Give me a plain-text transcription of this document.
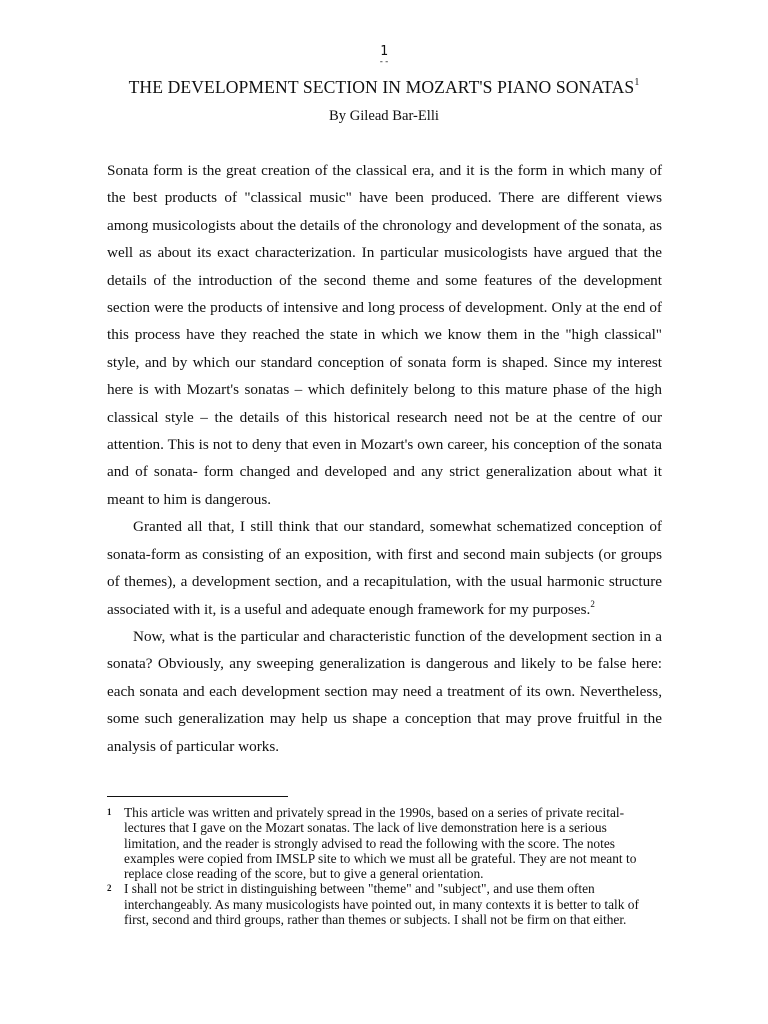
1
--
THE DEVELOPMENT SECTION IN MOZART'S PIANO SONATAS$^1$
By Gilead Bar-Elli

Sonata form is the great creation of the classical era, and it is the form in which many of the best products of "classical music" have been produced. There are different views among musicologists about the details of the chronology and development of the sonata, as well as about its exact characterization. In particular musicologists have argued that the details of the introduction of the second theme and some features of the development section were the products of intensive and long process of development. Only at the end of this process have they reached the state in which we know them in the "high classical" style, and by which our standard conception of sonata form is shaped. Since my interest here is with Mozart's sonatas – which definitely belong to this mature phase of the high classical style – the details of this historical research need not be at the centre of our attention. This is not to deny that even in Mozart's own career, his conception of the sonata and of sonata- form changed and developed and any strict generalization about what it meant to him is dangerous.

Granted all that, I still think that our standard, somewhat schematized conception of sonata-form as consisting of an exposition, with first and second main subjects (or groups of themes), a development section, and a recapitulation, with the usual harmonic structure associated with it, is a useful and adequate enough framework for my purposes.$^2$

Now, what is the particular and characteristic function of the development section in a sonata? Obviously, any sweeping generalization is dangerous and likely to be false here: each sonata and each development section may need a treatment of its own. Nevertheless, some such generalization may help us shape a conception that may prove fruitful in the analysis of particular works.

1 This article was written and privately spread in the 1990s, based on a series of private recital-lectures that I gave on the Mozart sonatas. The lack of live demonstration here is a serious limitation, and the reader is strongly advised to read the following with the score. The notes examples were copied from IMSLP site to which we must all be grateful. They are not meant to replace close reading of the score, but to give a general orientation.
2 I shall not be strict in distinguishing between "theme" and "subject", and use them often interchangeably. As many musicologists have pointed out, in many contexts it is better to talk of first, second and third groups, rather than themes or subjects. I shall not be firm on that either.
